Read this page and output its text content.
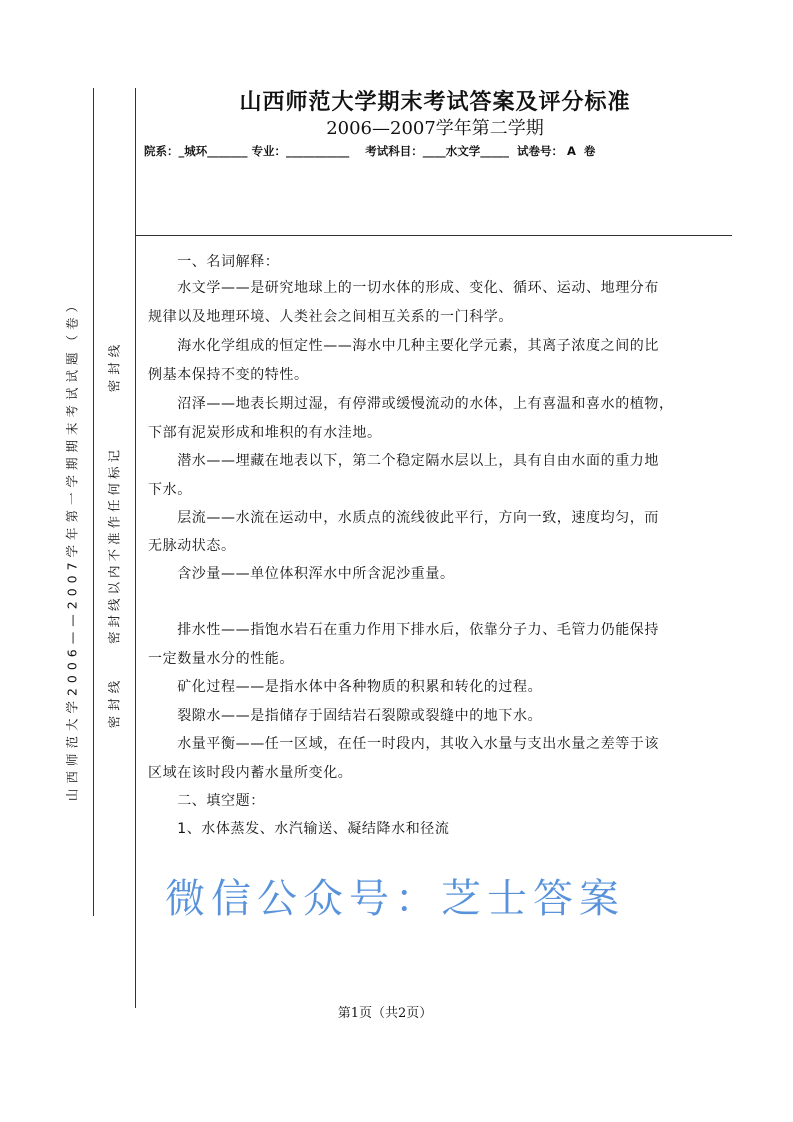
山西师范大学期末考试答案及评分标准
2006—2007学年第二学期
院系：_城环_______ 专业：___________    考试科目：____水文学_____  试卷号： A  卷
山西师范大学2006——2007学年第一学期期末考试试题（卷） 密封线
密封线以内不准作任何标记
密封线
　　一、名词解释：
　　水文学——是研究地球上的一切水体的形成、变化、循环、运动、地理分布
规律以及地理环境、人类社会之间相互关系的一门科学。
　　海水化学组成的恒定性——海水中几种主要化学元素，其离子浓度之间的比
例基本保持不变的特性。
　　沼泽——地表长期过湿，有停滞或缓慢流动的水体，上有喜温和喜水的植物，
下部有泥炭形成和堆积的有水洼地。
　　潜水——埋藏在地表以下，第二个稳定隔水层以上，具有自由水面的重力地
下水。
　　层流——水流在运动中，水质点的流线彼此平行，方向一致，速度均匀，而
无脉动状态。
　　含沙量——单位体积浑水中所含泥沙重量。
　　排水性——指饱水岩石在重力作用下排水后，依靠分子力、毛管力仍能保持
一定数量水分的性能。
　　矿化过程——是指水体中各种物质的积累和转化的过程。
　　裂隙水——是指储存于固结岩石裂隙或裂缝中的地下水。
　　水量平衡——任一区域，在任一时段内，其收入水量与支出水量之差等于该
区域在该时段内蓄水量所变化。
　　二、填空题：
　　1、水体蒸发、水汽输送、凝结降水和径流
微信公众号：芝士答案
第1页（共2页）
